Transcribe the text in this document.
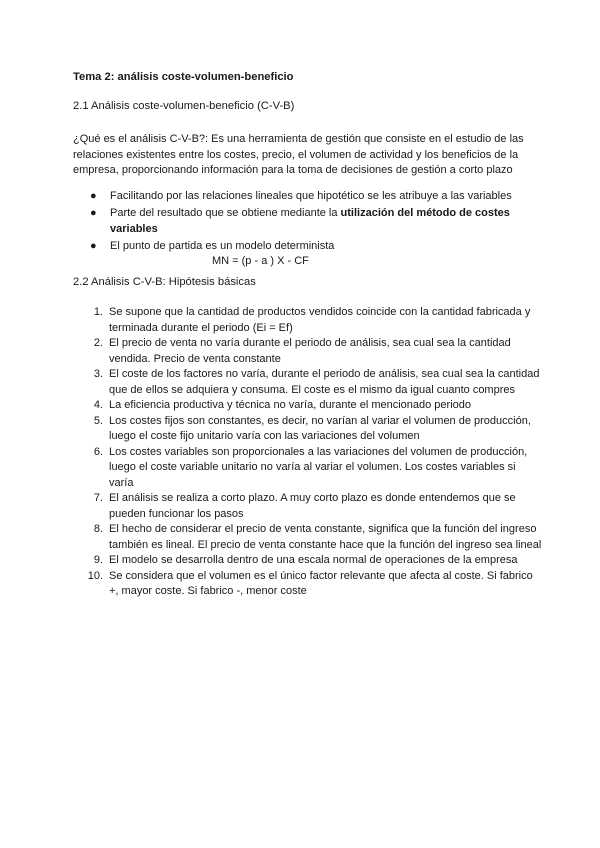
Tema 2: análisis coste-volumen-beneficio
2.1 Análisis coste-volumen-beneficio (C-V-B)
¿Qué es el análisis C-V-B?: Es una herramienta de gestión que consiste en el estudio de las relaciones existentes entre los costes, precio, el volumen de actividad y los beneficios de la empresa, proporcionando información para la toma de decisiones de gestión a corto plazo
● Facilitando por las relaciones lineales que hipotético se les atribuye a las variables
● Parte del resultado que se obtiene mediante la utilización del método de costes variables
● El punto de partida es un modelo determinista
MN = (p - a ) X - CF
2.2 Análisis C-V-B: Hipótesis básicas
1. Se supone que la cantidad de productos vendidos coincide con la cantidad fabricada y terminada durante el periodo (Ei = Ef)
2. El precio de venta no varía durante el periodo de análisis, sea cual sea la cantidad vendida. Precio de venta constante
3. El coste de los factores no varía, durante el periodo de análisis, sea cual sea la cantidad que de ellos se adquiera y consuma. El coste es el mismo da igual cuanto compres
4. La eficiencia productiva y técnica no varía, durante el mencionado periodo
5. Los costes fijos son constantes, es decir, no varían al variar el volumen de producción, luego el coste fijo unitario varía con las variaciones del volumen
6. Los costes variables son proporcionales a las variaciones del volumen de producción, luego el coste variable unitario no varía al variar el volumen. Los costes variables si varía
7. El análisis se realiza a corto plazo. A muy corto plazo es donde entendemos que se pueden funcionar los pasos
8. El hecho de considerar el precio de venta constante, significa que la función del ingreso también es lineal. El precio de venta constante hace que la función del ingreso sea lineal
9. El modelo se desarrolla dentro de una escala normal de operaciones de la empresa
10. Se considera que el volumen es el único factor relevante que afecta al coste. Si fabrico +, mayor coste. Si fabrico -, menor coste
